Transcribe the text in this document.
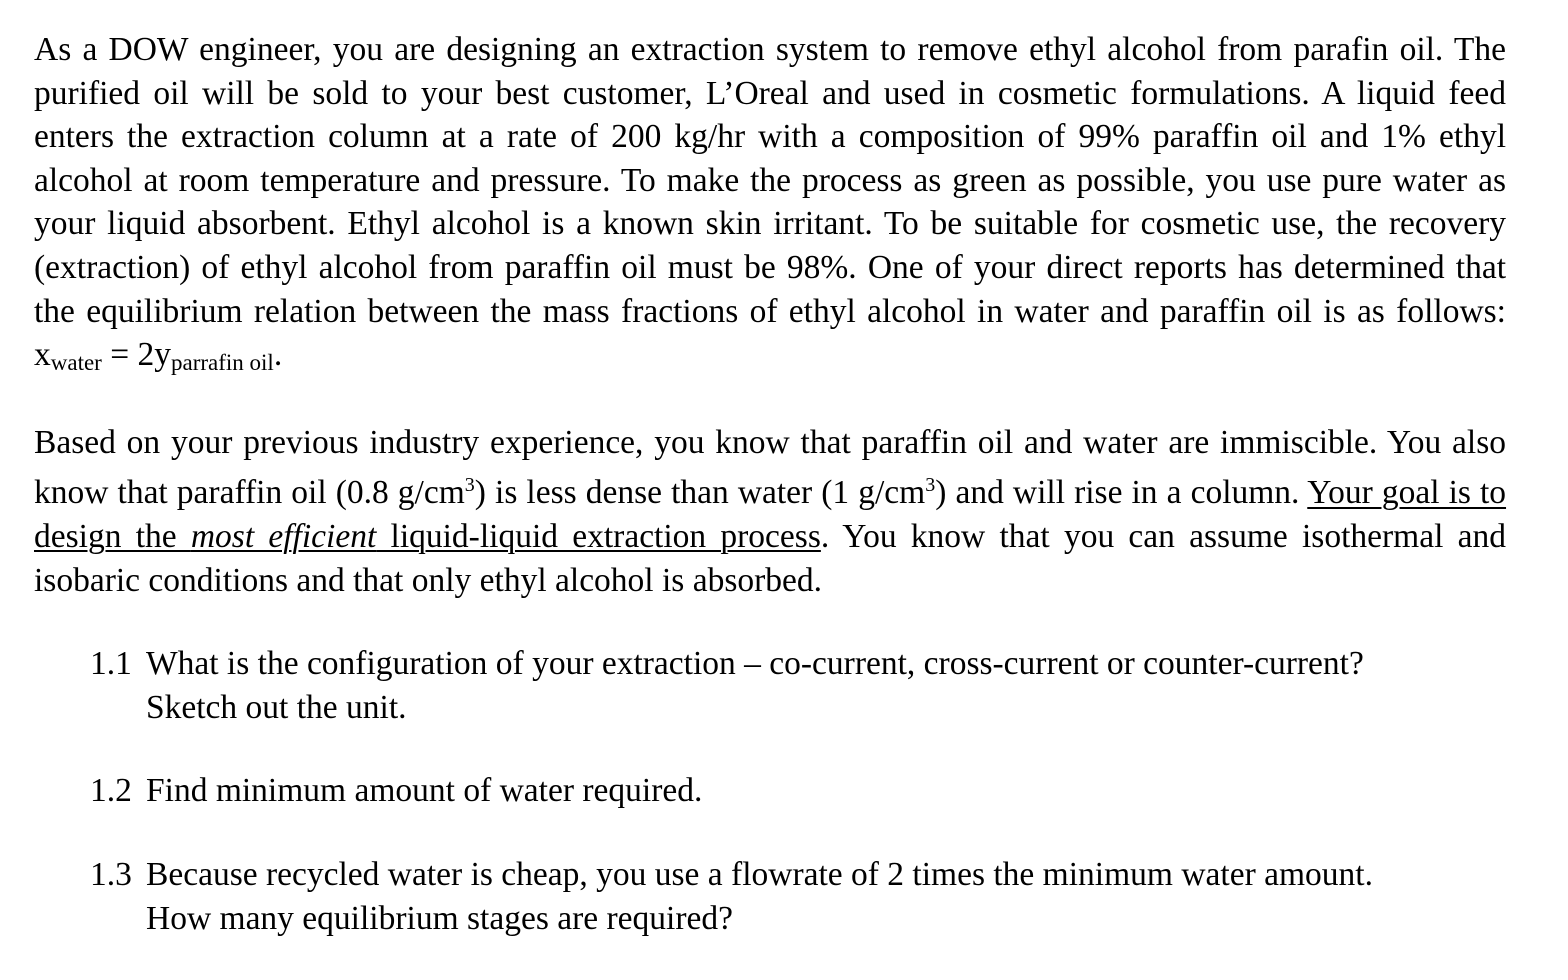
As a DOW engineer, you are designing an extraction system to remove ethyl alcohol from parafin oil. The purified oil will be sold to your best customer, L’Oreal and used in cosmetic formulations. A liquid feed enters the extraction column at a rate of 200 kg/hr with a composition of 99% paraffin oil and 1% ethyl alcohol at room temperature and pressure. To make the process as green as possible, you use pure water as your liquid absorbent. Ethyl alcohol is a known skin irritant. To be suitable for cosmetic use, the recovery (extraction) of ethyl alcohol from paraffin oil must be 98%. One of your direct reports has determined that the equilibrium relation between the mass fractions of ethyl alcohol in water and paraffin oil is as follows: $x_{water} = 2y_{parrafin oil}$.
Based on your previous industry experience, you know that paraffin oil and water are immiscible. You also know that paraffin oil (0.8 $g/cm^3$) is less dense than water (1 $g/cm^3$) and will rise in a column. Your goal is to design the most efficient liquid-liquid extraction process. You know that you can assume isothermal and isobaric conditions and that only ethyl alcohol is absorbed.
1.1 What is the configuration of your extraction – co-current, cross-current or counter-current?
Sketch out the unit.
1.2 Find minimum amount of water required.
1.3 Because recycled water is cheap, you use a flowrate of 2 times the minimum water amount.
How many equilibrium stages are required?
